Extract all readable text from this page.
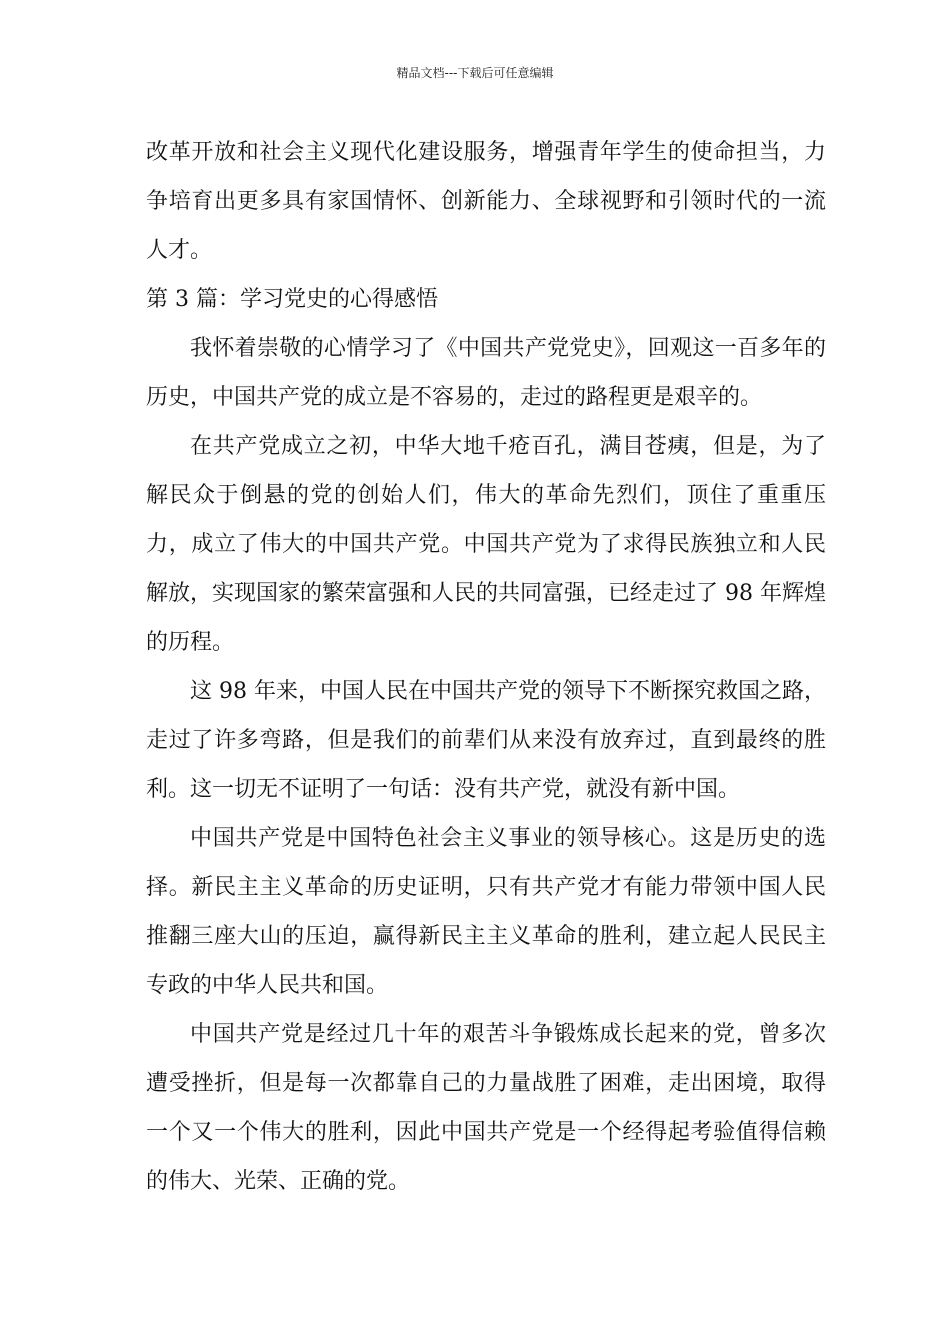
精品文档---下载后可任意编辑

改革开放和社会主义现代化建设服务，增强青年学生的使命担当，力争培育出更多具有家国情怀、创新能力、全球视野和引领时代的一流人才。

第 3 篇：学习党史的心得感悟

我怀着崇敬的心情学习了《中国共产党党史》，回观这一百多年的历史，中国共产党的成立是不容易的，走过的路程更是艰辛的。

在共产党成立之初，中华大地千疮百孔，满目苍痍，但是，为了解民众于倒悬的党的创始人们，伟大的革命先烈们，顶住了重重压力，成立了伟大的中国共产党。中国共产党为了求得民族独立和人民解放，实现国家的繁荣富强和人民的共同富强，已经走过了 98 年辉煌的历程。

这 98 年来，中国人民在中国共产党的领导下不断探究救国之路，走过了许多弯路，但是我们的前辈们从来没有放弃过，直到最终的胜利。这一切无不证明了一句话：没有共产党，就没有新中国。

中国共产党是中国特色社会主义事业的领导核心。这是历史的选择。新民主主义革命的历史证明，只有共产党才有能力带领中国人民推翻三座大山的压迫，赢得新民主主义革命的胜利，建立起人民民主专政的中华人民共和国。

中国共产党是经过几十年的艰苦斗争锻炼成长起来的党，曾多次遭受挫折，但是每一次都靠自己的力量战胜了困难，走出困境，取得一个又一个伟大的胜利，因此中国共产党是一个经得起考验值得信赖的伟大、光荣、正确的党。
